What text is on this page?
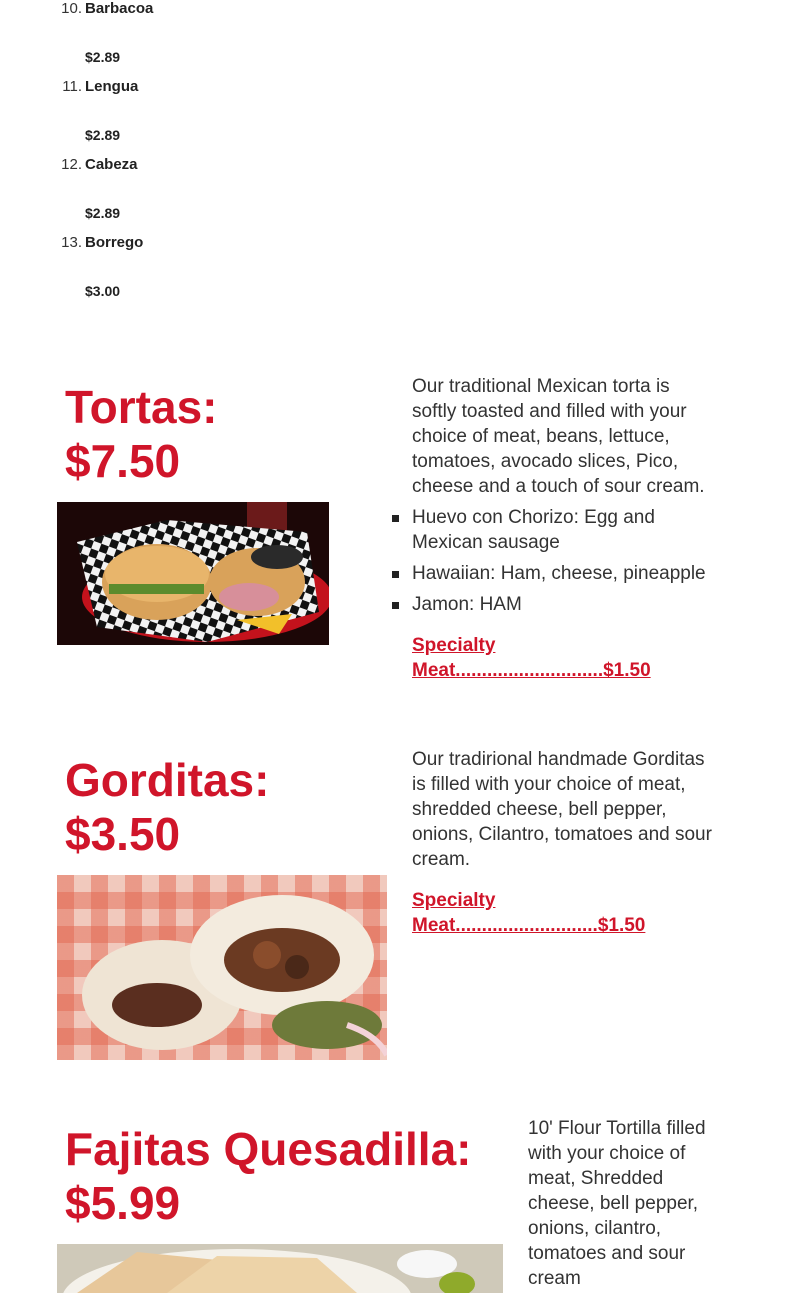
10. Barbacoa
$2.89
11. Lengua
$2.89
12. Cabeza
$2.89
13. Borrego
$3.00
Tortas:
$7.50
Our traditional Mexican torta is softly toasted and filled with your choice of meat, beans, lettuce, tomatoes, avocado slices, Pico, cheese and a touch of sour cream.
Huevo con Chorizo: Egg and Mexican sausage
Hawaiian: Ham, cheese, pineapple
Jamon: HAM
Specialty
Meat............................$1.50
Gorditas:
$3.50
Our tradirional handmade Gorditas is filled with your choice of meat, shredded cheese, bell pepper, onions, Cilantro, tomatoes and sour cream.
Specialty
Meat...........................$1.50
Fajitas Quesadilla:
$5.99
10' Flour Tortilla filled with your choice of meat, Shredded cheese, bell pepper, onions, cilantro, tomatoes and sour cream
